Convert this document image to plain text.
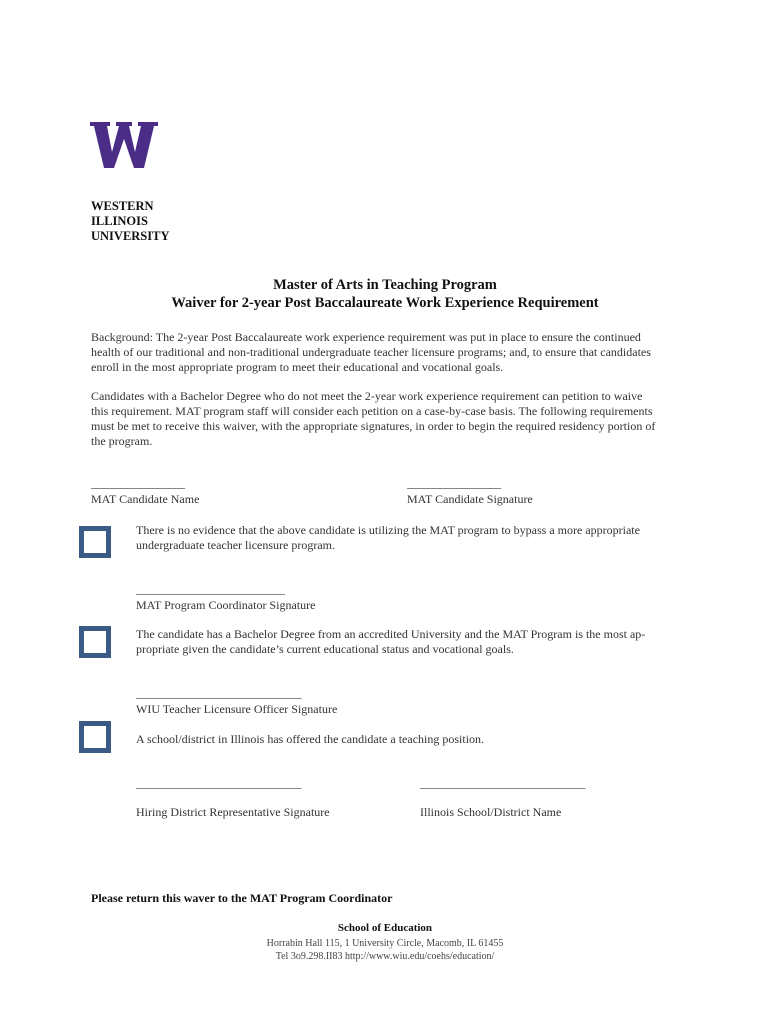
WESTERN
ILLINOIS
UNIVERSITY
Master of Arts in Teaching Program
Waiver for 2-year Post Baccalaureate Work Experience Requirement
Background: The 2-year Post Baccalaureate work experience requirement was put in place to ensure the continued
health of our traditional and non-traditional undergraduate teacher licensure programs; and, to ensure that candidates
enroll in the most appropriate program to meet their educational and vocational goals.
Candidates with a Bachelor Degree who do not meet the 2-year work experience requirement can petition to waive
this requirement. MAT program staff will consider each petition on a case-by-case basis. The following requirements
must be met to receive this waiver, with the appropriate signatures, in order to begin the required residency portion of
the program.
_________________	_________________
MAT Candidate Name	MAT Candidate Signature
There is no evidence that the above candidate is utilizing the MAT program to bypass a more appropriate
undergraduate teacher licensure program.
___________________________
MAT Program Coordinator Signature
The candidate has a Bachelor Degree from an accredited University and the MAT Program is the most ap-
propriate given the candidate’s current educational status and vocational goals.
______________________________
WIU Teacher Licensure Officer Signature
A school/district in Illinois has offered the candidate a teaching position.
______________________________	______________________________
Hiring District Representative Signature	Illinois School/District Name
Please return this waver to the MAT Program Coordinator
School of Education
Horrabin Hall 115, 1 University Circle, Macomb, IL 61455
Tel 3o9.298.II83 http://www.wiu.edu/coehs/education/
